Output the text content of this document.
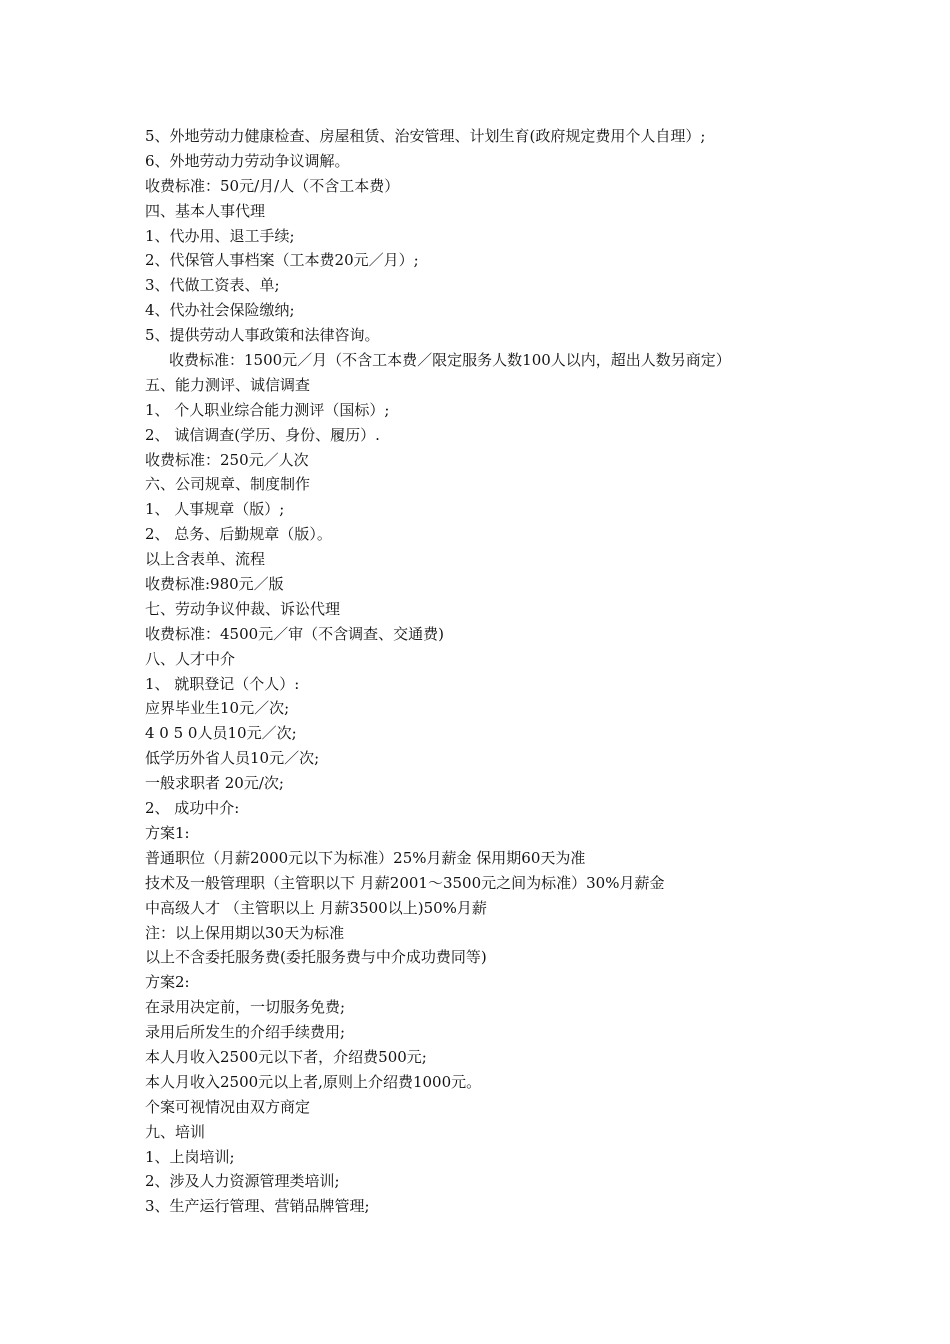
5、外地劳动力健康检查、房屋租赁、治安管理、计划生育(政府规定费用个人自理）;
6、外地劳动力劳动争议调解。
收费标准：50元/月/人（不含工本费）
四、基本人事代理
1、代办用、退工手续;
2、代保管人事档案（工本费20元／月）;
3、代做工资表、单;
4、代办社会保险缴纳;
5、提供劳动人事政策和法律咨询。
收费标准：1500元／月（不含工本费／限定服务人数100人以内，超出人数另商定）
五、能力测评、诚信调查
1、 个人职业综合能力测评（国标）;
2、 诚信调查(学历、身份、履历）.
收费标准：250元／人次
六、公司规章、制度制作
1、 人事规章（版）;
2、 总务、后勤规章（版）。
以上含表单、流程
收费标准:980元／版
七、劳动争议仲裁、诉讼代理
收费标准：4500元／审（不含调查、交通费)
八、人才中介
1、 就职登记（个人）:
应界毕业生10元／次;
4 0 5 0人员10元／次;
低学历外省人员10元／次;
一般求职者 20元/次;
2、 成功中介:
方案1:
普通职位（月薪2000元以下为标准）25%月薪金 保用期60天为准
技术及一般管理职（主管职以下 月薪2001～3500元之间为标准）30%月薪金
中高级人才 （主管职以上 月薪3500以上)50%月薪
注：以上保用期以30天为标准
以上不含委托服务费(委托服务费与中介成功费同等)
方案2:
在录用决定前，一切服务免费;
录用后所发生的介绍手续费用;
本人月收入2500元以下者，介绍费500元;
本人月收入2500元以上者,原则上介绍费1000元。
个案可视情况由双方商定
九、培训
1、上岗培训;
2、涉及人力资源管理类培训;
3、生产运行管理、营销品牌管理;
